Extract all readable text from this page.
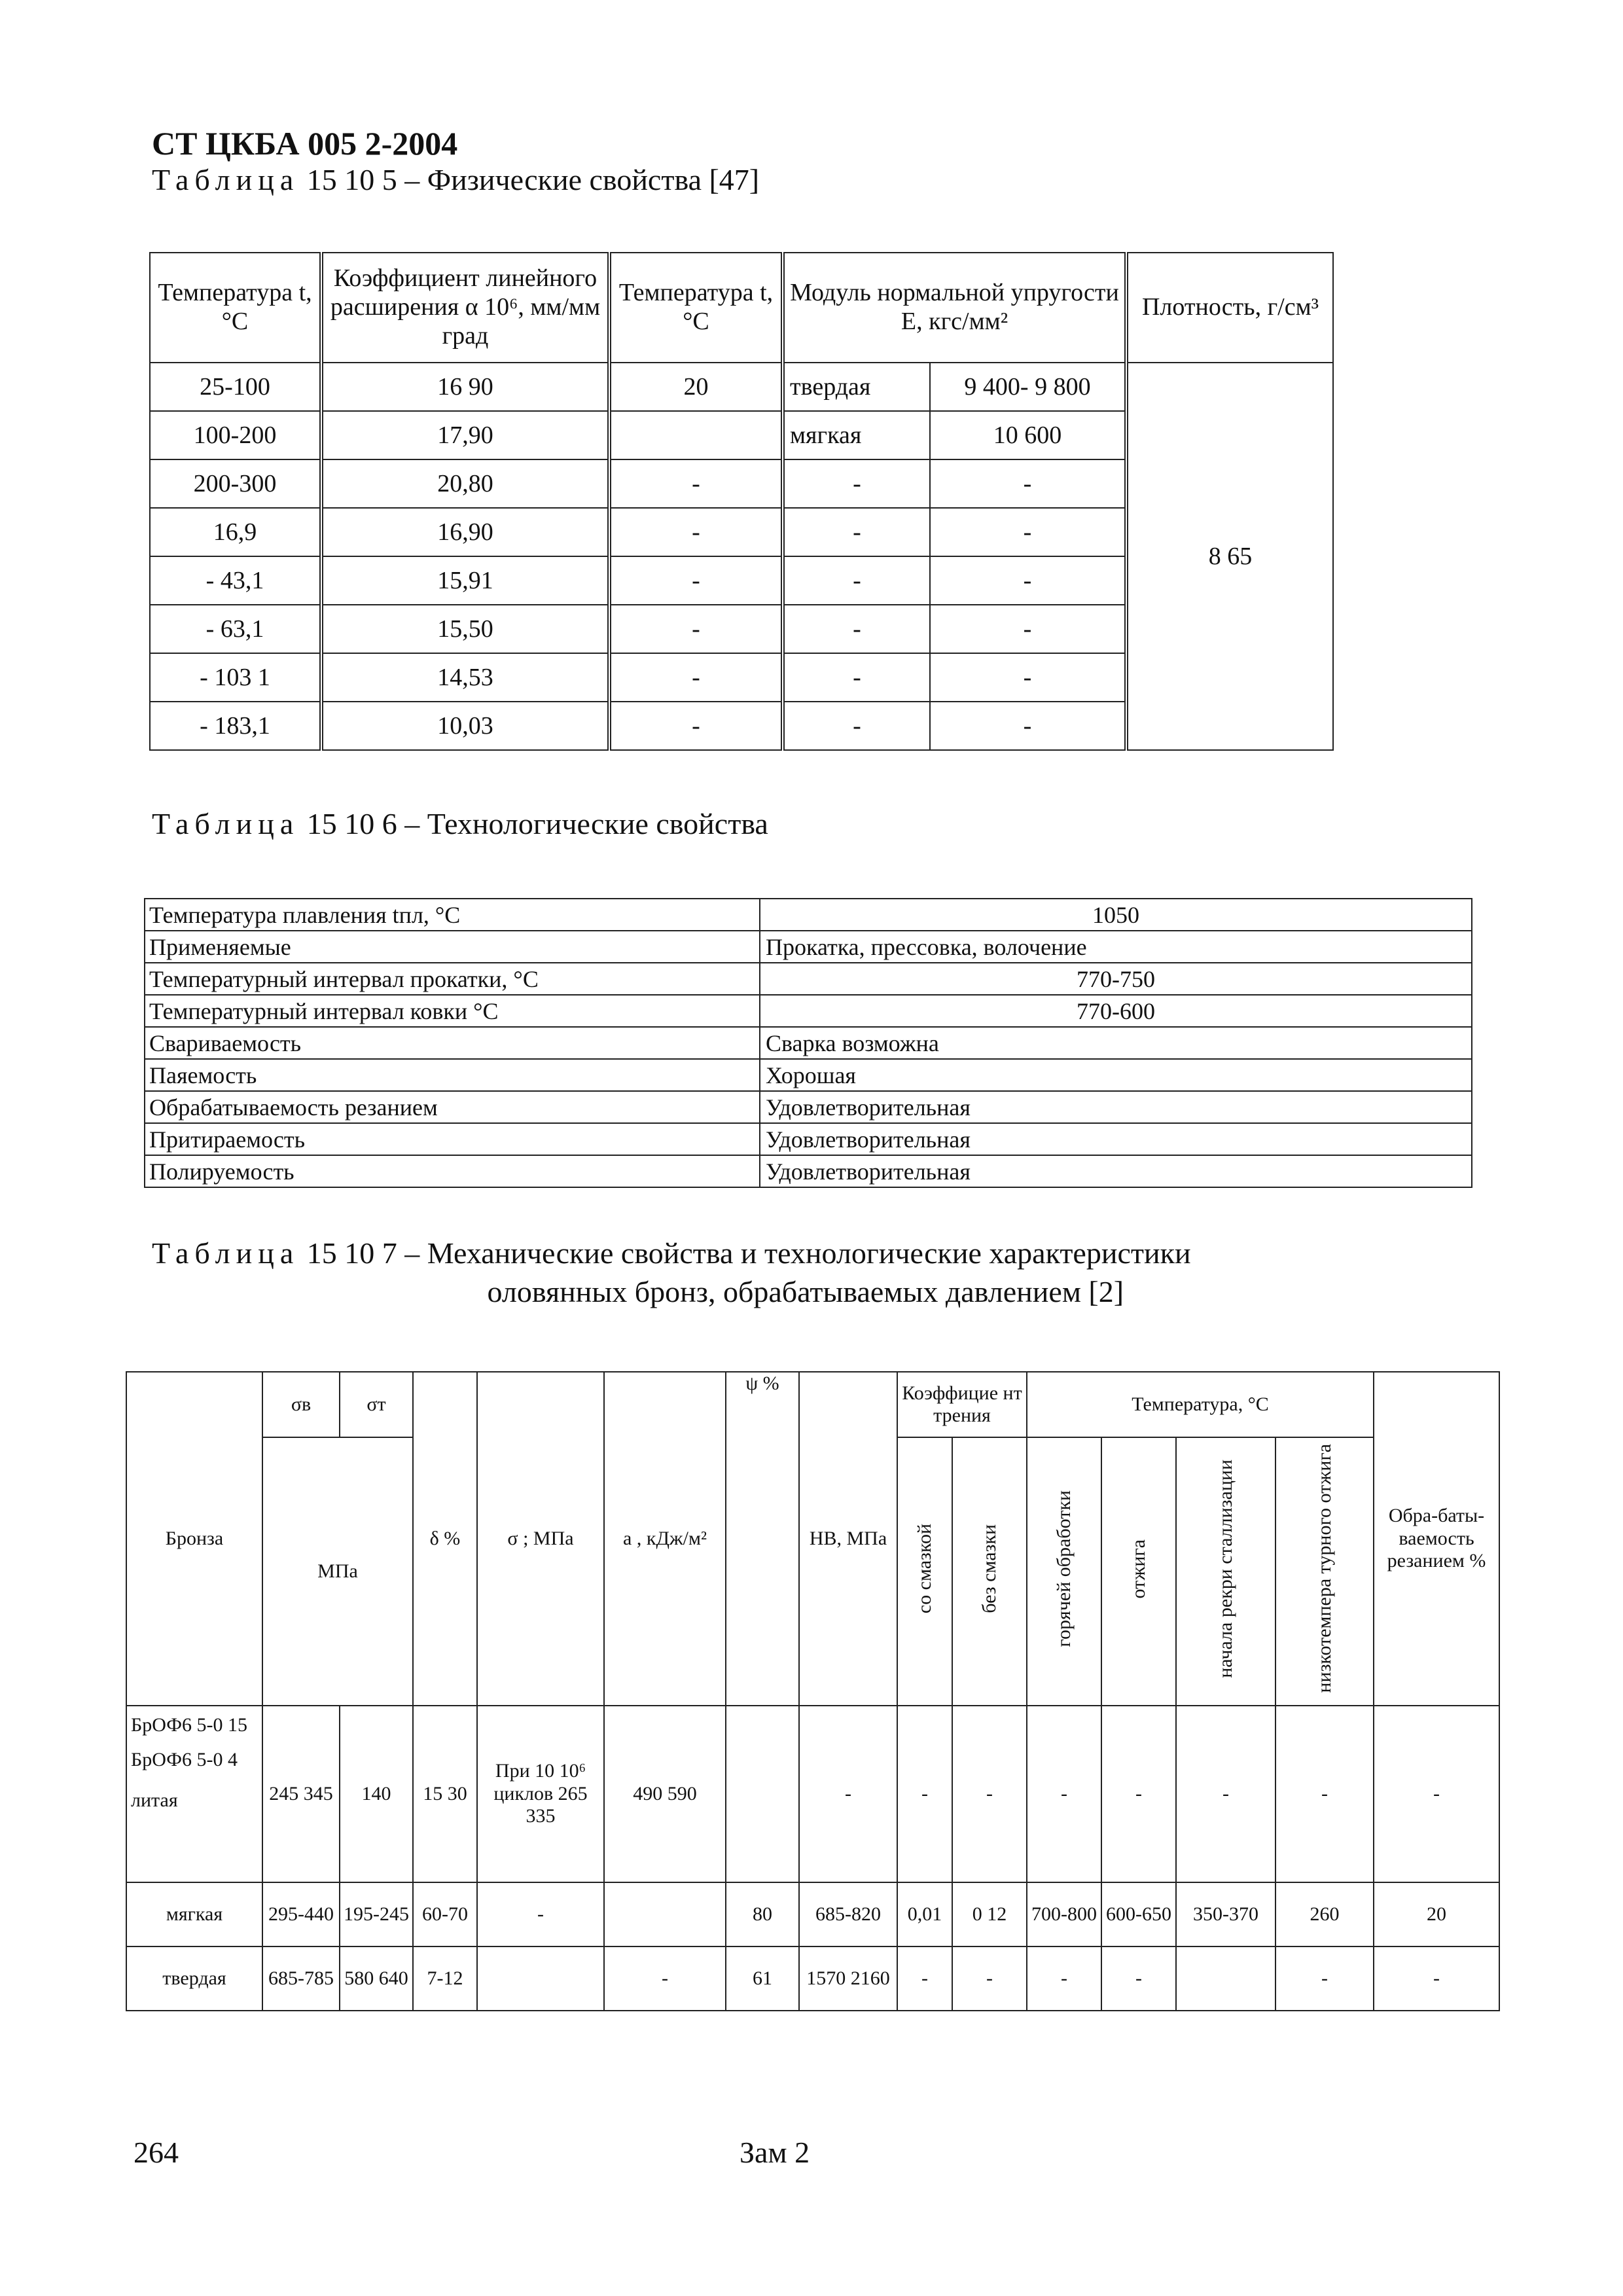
СТ ЦКБА 005 2-2004
Таблица 15 10 5 – Физические свойства [47]
Температура t, °С	Коэффициент линейного расширения α 10⁶, мм/мм град	Температура t, °С	Модуль нормальной упругости Е, кгс/мм²		Плотность, г/см³
25-100	16 90	20	твердая	9 400- 9 800	8 65
100-200	17,90		мягкая	10 600	
200-300	20,80	-	-	-	
16,9	16,90	-	-	-	
- 43,1	15,91	-	-	-	
- 63,1	15,50	-	-	-	
- 103 1	14,53	-	-	-	
- 183,1	10,03	-	-	-	
Таблица 15 10 6 – Технологические свойства
Температура плавления tпл, °С	1050
Применяемые	Прокатка, прессовка, волочение
Температурный интервал прокатки, °С	770-750
Температурный интервал ковки °С	770-600
Свариваемость	Сварка возможна
Паяемость	Хорошая
Обрабатываемость резанием	Удовлетворительная
Притираемость	Удовлетворительная
Полируемость	Удовлетворительная
Таблица 15 10 7 – Механические свойства и технологические характеристики
оловянных бронз, обрабатываемых давлением [2]
Бронза	σв	σт	δ %	σ ; МПа	а , кДж/м²	ψ %	НВ, МПа	Коэффицие нт трения		Температура, °С				Обра-баты-ваемость резанием %
	МПа							со смазкой	без смазки	горячей обработки	отжига	начала рекри сталлизации	низкотемпера турного отжига	

БрОФ6 5-0 15
БрОФ6 5-0 4
литая	245 345	140	15 30	При 10 10⁶ циклов 265 335	490 590		-	-	-	-	-	-	-	-
мягкая	295-440	195-245	60-70	-		80	685-820	0,01	0 12	700-800	600-650	350-370	260	20
твердая	685-785	580 640	7-12		-	61	1570 2160	-	-	-	-		-	-
264	Зам 2
